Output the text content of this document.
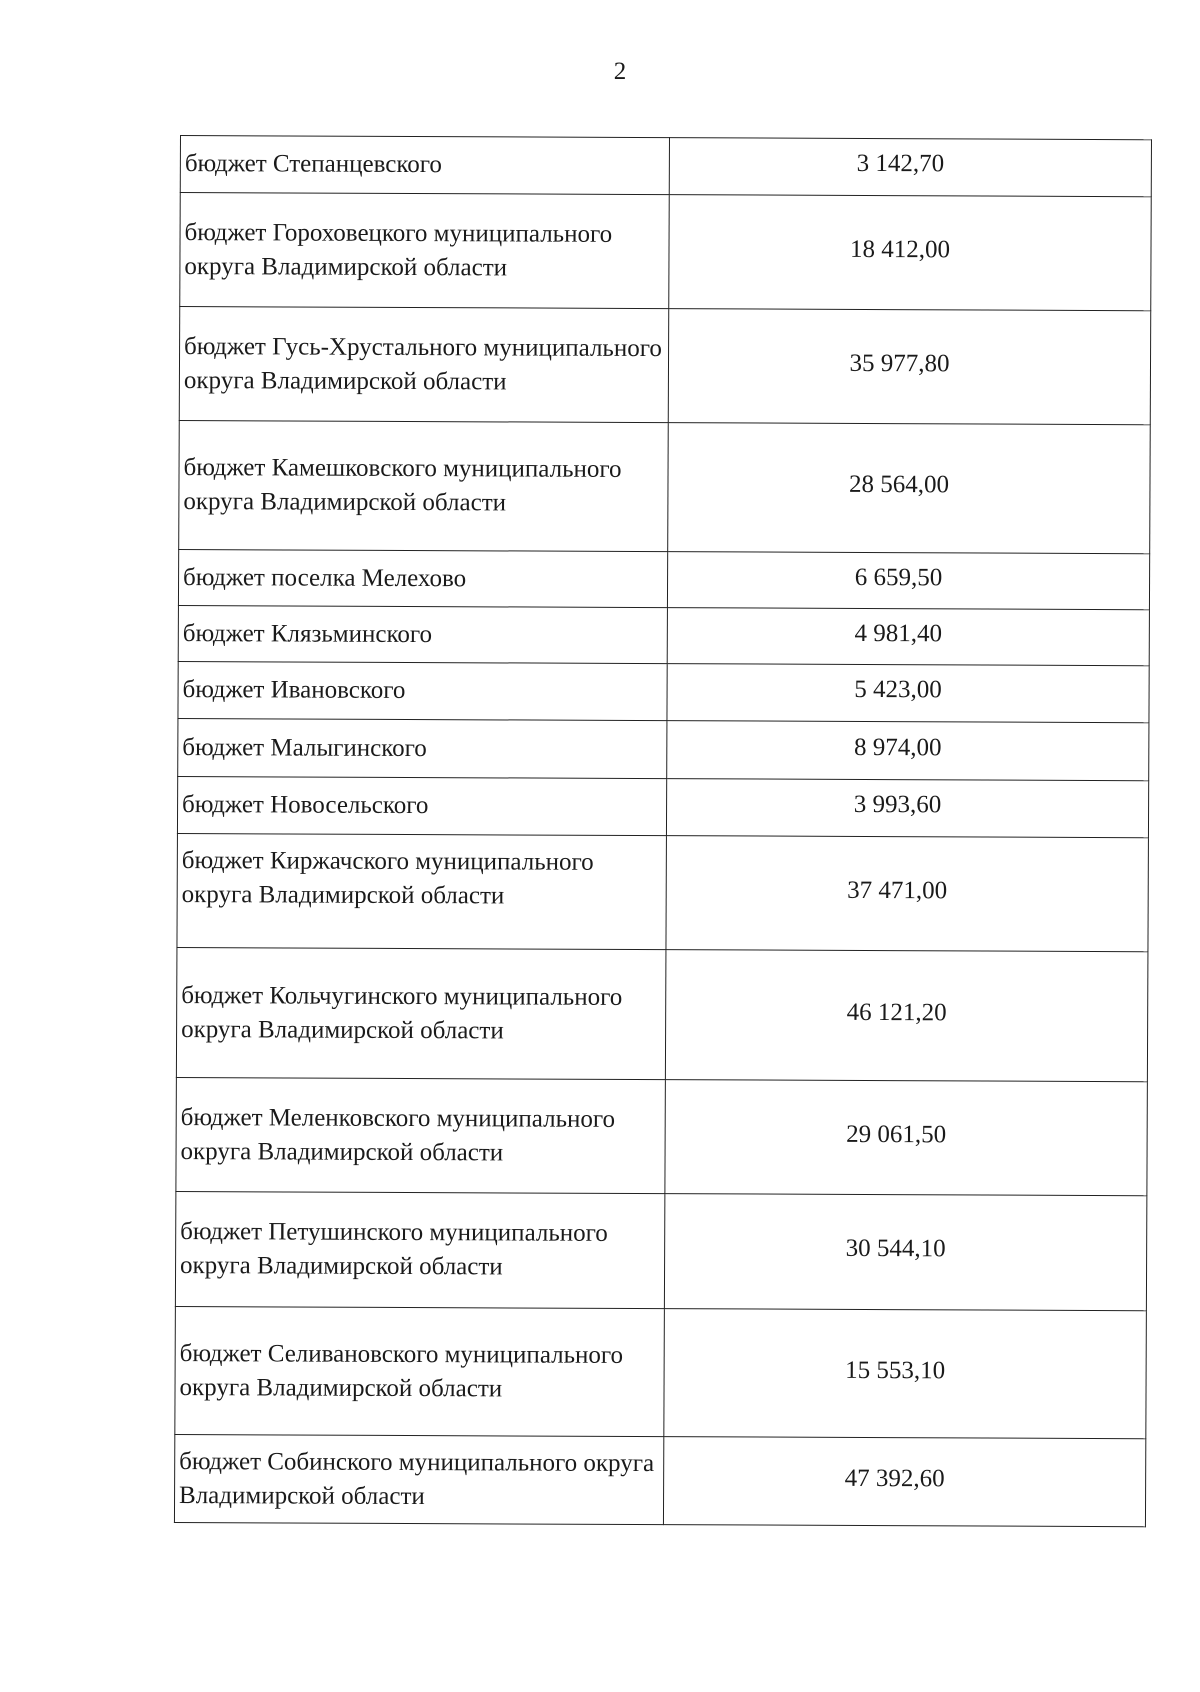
2
бюджет Степанцевского	3 142,70
бюджет Гороховецкого муниципального округа Владимирской области	18 412,00
бюджет Гусь-Хрустального муниципального округа Владимирской области	35 977,80
бюджет Камешковского муниципального округа Владимирской области	28 564,00
бюджет поселка Мелехово	6 659,50
бюджет Клязьминского	4 981,40
бюджет Ивановского	5 423,00
бюджет Малыгинского	8 974,00
бюджет Новосельского	3 993,60
бюджет Киржачского муниципального округа Владимирской области	37 471,00
бюджет Кольчугинского муниципального округа Владимирской области	46 121,20
бюджет Меленковского муниципального округа Владимирской области	29 061,50
бюджет Петушинского муниципального округа Владимирской области	30 544,10
бюджет Селивановского муниципального округа Владимирской области	15 553,10
бюджет Собинского муниципального округа Владимирской области	47 392,60
